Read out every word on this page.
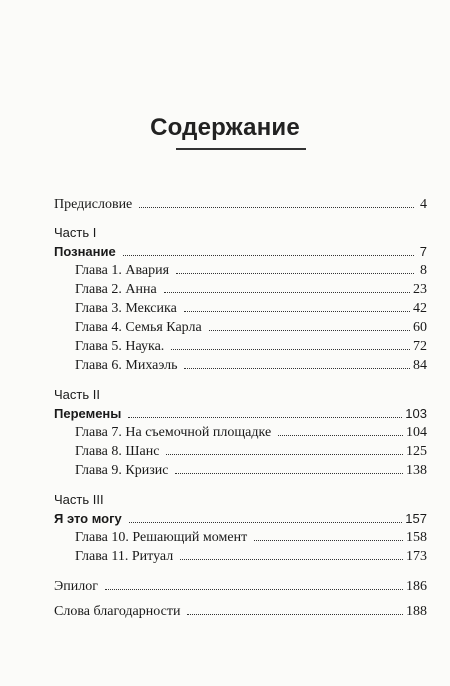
Содержание
Предисловие	4
Часть I
Познание	7
Глава 1. Авария	8
Глава 2. Анна	23
Глава 3. Мексика	42
Глава 4. Семья Карла	60
Глава 5. Наука.	72
Глава 6. Михаэль	84
Часть II
Перемены	103
Глава 7. На съемочной площадке	104
Глава 8. Шанс	125
Глава 9. Кризис	138
Часть III
Я это могу	157
Глава 10. Решающий момент	158
Глава 11. Ритуал	173
Эпилог	186
Слова благодарности	188
